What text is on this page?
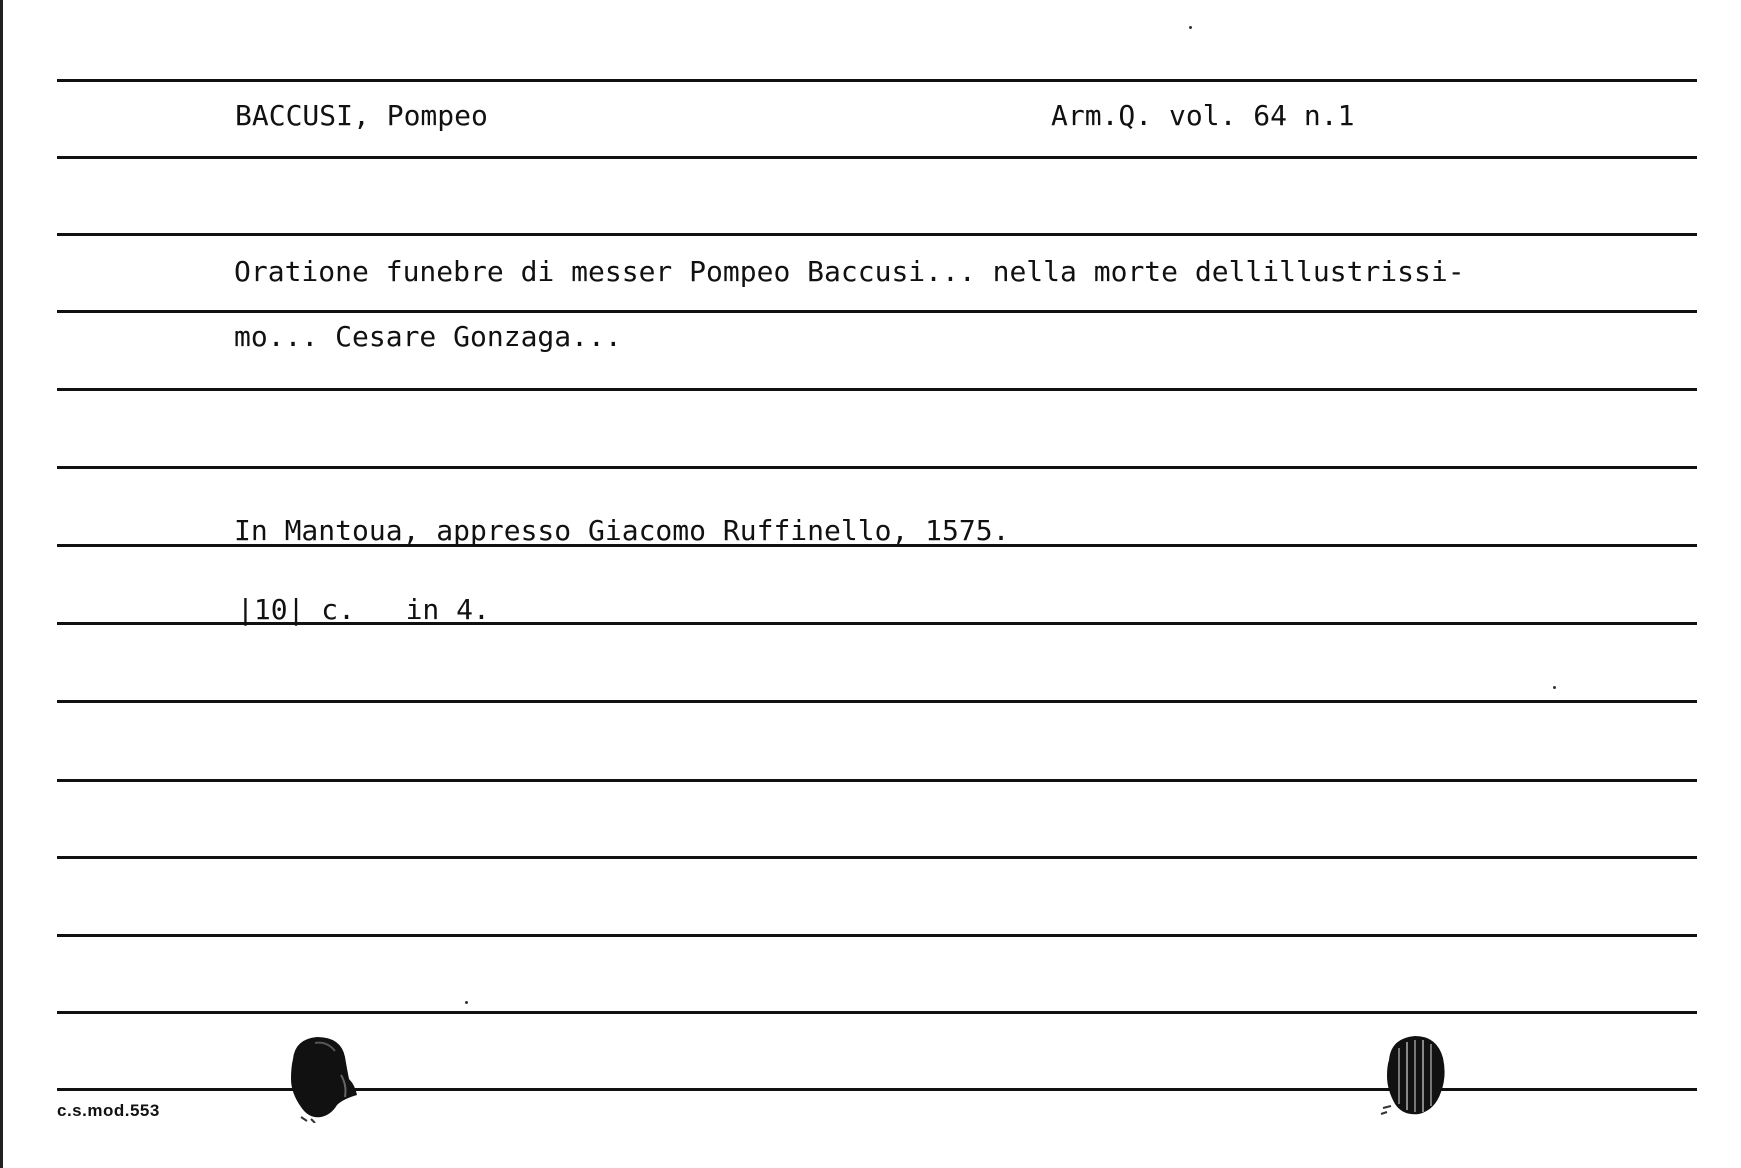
BACCUSI, Pompeo	Arm.Q. vol. 64 n.1
Oratione funebre di messer Pompeo Baccusi... nella morte dellillustrissi-
mo... Cesare Gonzaga...
In Mantoua, appresso Giacomo Ruffinello, 1575.
|10| c.   in 4.
c.s.mod.553
